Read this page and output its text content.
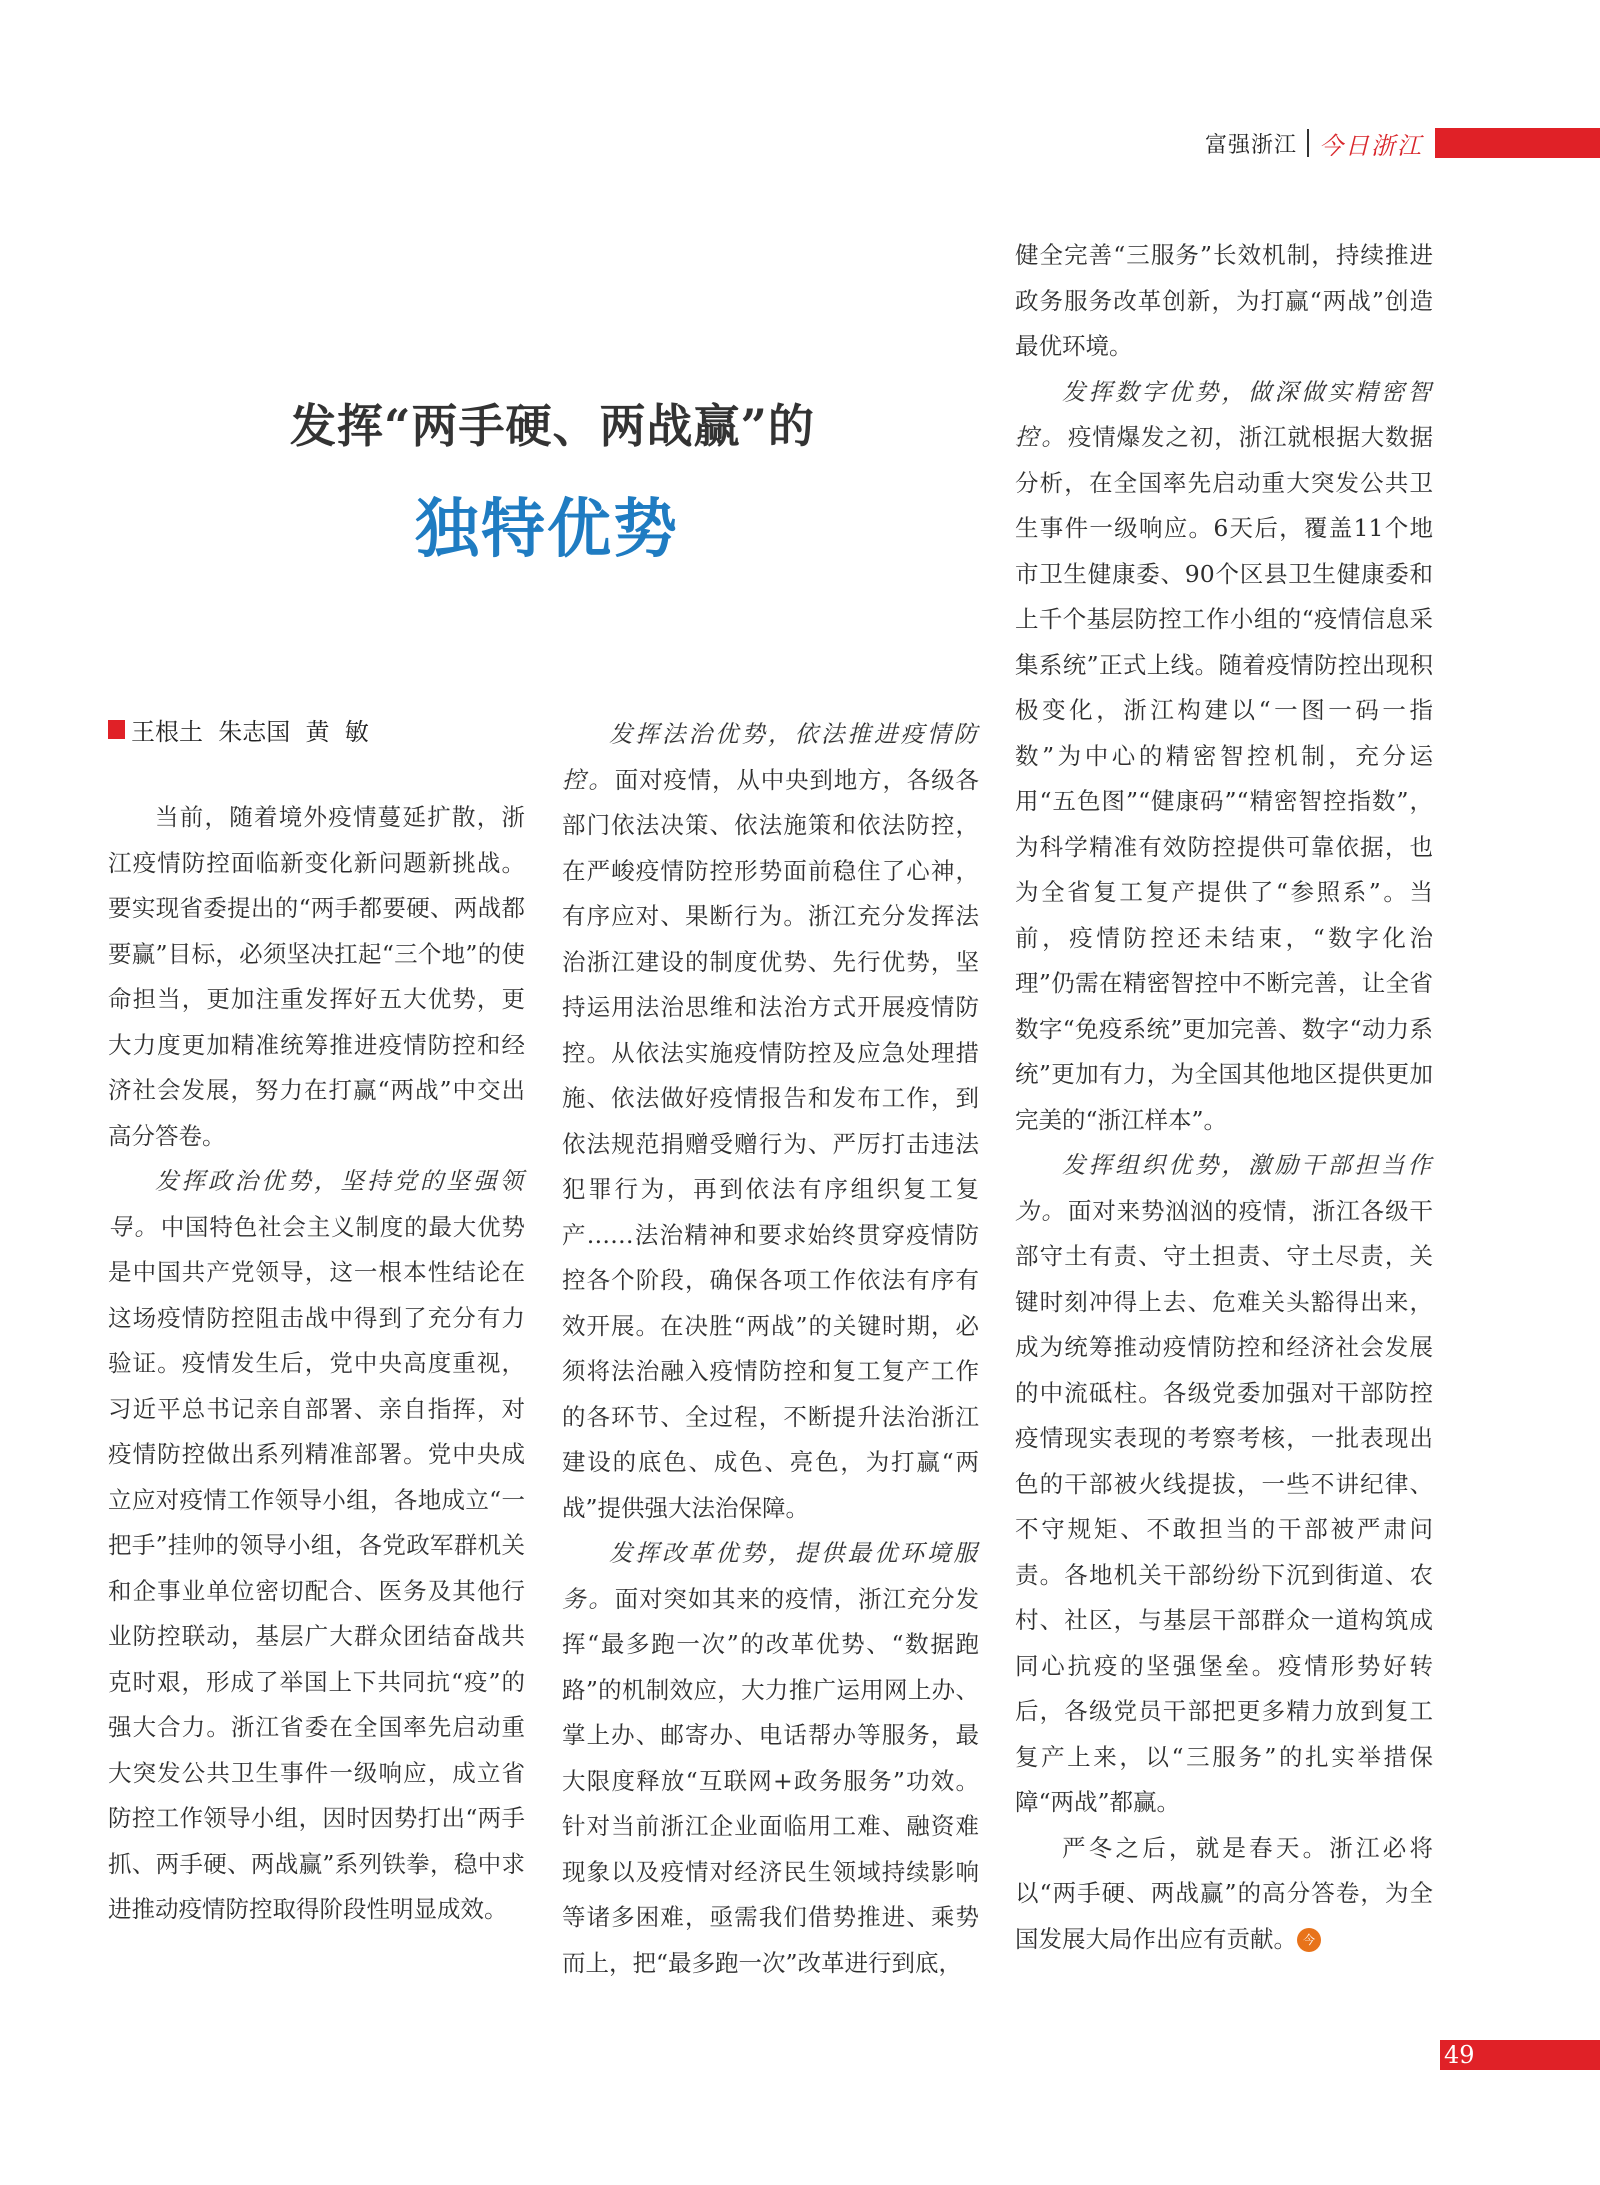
富强浙江 今日浙江
发挥“两手硬、两战赢”的
独特优势
王根土  朱志国  黄  敏

当前，随着境外疫情蔓延扩散，浙江疫情防控面临新变化新问题新挑战。要实现省委提出的“两手都要硬、两战都要赢”目标，必须坚决扛起“三个地”的使命担当，更加注重发挥好五大优势，更大力度更加精准统筹推进疫情防控和经济社会发展，努力在打赢“两战”中交出高分答卷。

发挥政治优势，坚持党的坚强领导。中国特色社会主义制度的最大优势是中国共产党领导，这一根本性结论在这场疫情防控阻击战中得到了充分有力验证。疫情发生后，党中央高度重视，习近平总书记亲自部署、亲自指挥，对疫情防控做出系列精准部署。党中央成立应对疫情工作领导小组，各地成立“一把手”挂帅的领导小组，各党政军群机关和企事业单位密切配合、医务及其他行业防控联动，基层广大群众团结奋战共克时艰，形成了举国上下共同抗“疫”的强大合力。浙江省委在全国率先启动重大突发公共卫生事件一级响应，成立省防控工作领导小组，因时因势打出“两手抓、两手硬、两战赢”系列铁拳，稳中求进推动疫情防控取得阶段性明显成效。

发挥法治优势，依法推进疫情防控。面对疫情，从中央到地方，各级各部门依法决策、依法施策和依法防控，在严峻疫情防控形势面前稳住了心神，有序应对、果断行为。浙江充分发挥法治浙江建设的制度优势、先行优势，坚持运用法治思维和法治方式开展疫情防控。从依法实施疫情防控及应急处理措施、依法做好疫情报告和发布工作，到依法规范捐赠受赠行为、严厉打击违法犯罪行为，再到依法有序组织复工复产……法治精神和要求始终贯穿疫情防控各个阶段，确保各项工作依法有序有效开展。在决胜“两战”的关键时期，必须将法治融入疫情防控和复工复产工作的各环节、全过程，不断提升法治浙江建设的底色、成色、亮色，为打赢“两战”提供强大法治保障。

发挥改革优势，提供最优环境服务。面对突如其来的疫情，浙江充分发挥“最多跑一次”的改革优势、“数据跑路”的机制效应，大力推广运用网上办、掌上办、邮寄办、电话帮办等服务，最大限度释放“互联网+政务服务”功效。针对当前浙江企业面临用工难、融资难现象以及疫情对经济民生领域持续影响等诸多困难，亟需我们借势推进、乘势而上，把“最多跑一次”改革进行到底，

健全完善“三服务”长效机制，持续推进政务服务改革创新，为打赢“两战”创造最优环境。

发挥数字优势，做深做实精密智控。疫情爆发之初，浙江就根据大数据分析，在全国率先启动重大突发公共卫生事件一级响应。6天后，覆盖11个地市卫生健康委、90个区县卫生健康委和上千个基层防控工作小组的“疫情信息采集系统”正式上线。随着疫情防控出现积极变化，浙江构建以“一图一码一指数”为中心的精密智控机制，充分运用“五色图”“健康码”“精密智控指数”，为科学精准有效防控提供可靠依据，也为全省复工复产提供了“参照系”。当前，疫情防控还未结束，“数字化治理”仍需在精密智控中不断完善，让全省数字“免疫系统”更加完善、数字“动力系统”更加有力，为全国其他地区提供更加完美的“浙江样本”。

发挥组织优势，激励干部担当作为。面对来势汹汹的疫情，浙江各级干部守土有责、守土担责、守土尽责，关键时刻冲得上去、危难关头豁得出来，成为统筹推动疫情防控和经济社会发展的中流砥柱。各级党委加强对干部防控疫情现实表现的考察考核，一批表现出色的干部被火线提拔，一些不讲纪律、不守规矩、不敢担当的干部被严肃问责。各地机关干部纷纷下沉到街道、农村、社区，与基层干部群众一道构筑成同心抗疫的坚强堡垒。疫情形势好转后，各级党员干部把更多精力放到复工复产上来，以“三服务”的扎实举措保障“两战”都赢。

严冬之后，就是春天。浙江必将以“两手硬、两战赢”的高分答卷，为全国发展大局作出应有贡献。 今

49
